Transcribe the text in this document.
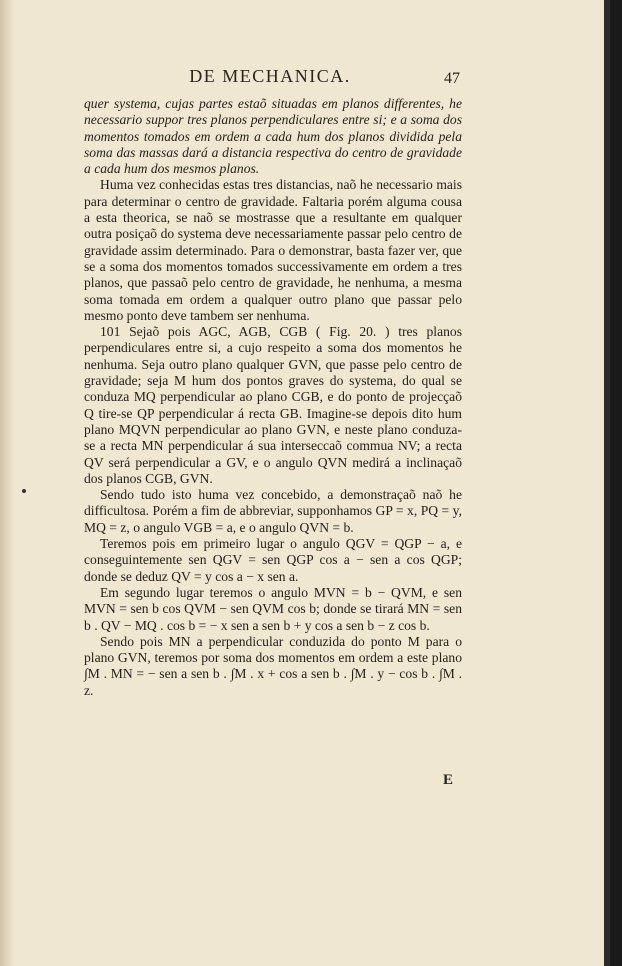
DE MECHANICA.	47

quer systema, cujas partes estaõ situadas em planos differentes, he necessario suppor tres planos perpendiculares entre si; e a soma dos momentos tomados em ordem a cada hum dos planos dividida pela soma das massas dará a distancia respectiva do centro de gravidade a cada hum dos mesmos planos.

Huma vez conhecidas estas tres distancias, naõ he necessario mais para determinar o centro de gravidade. Faltaria porém alguma cousa a esta theorica, se naõ se mostrasse que a resultante em qualquer outra posiçaõ do systema deve necessariamente passar pelo centro de gravidade assim determinado. Para o demonstrar, basta fazer ver, que se a soma dos momentos tomados successivamente em ordem a tres planos, que passaõ pelo centro de gravidade, he nenhuma, a mesma soma tomada em ordem a qualquer outro plano que passar pelo mesmo ponto deve tambem ser nenhuma.

101 Sejaõ pois AGC, AGB, CGB ( Fig. 20. ) tres planos perpendiculares entre si, a cujo respeito a soma dos momentos he nenhuma. Seja outro plano qualquer GVN, que passe pelo centro de gravidade; seja M hum dos pontos graves do systema, do qual se conduza MQ perpendicular ao plano CGB, e do ponto de projecçaõ Q tire-se QP perpendicular á recta GB. Imagine-se depois dito hum plano MQVN perpendicular ao plano GVN, e neste plano conduza-se a recta MN perpendicular á sua interseccaõ commua NV; a recta QV será perpendicular a GV, e o angulo QVN medirá a inclinaçaõ dos planos CGB, GVN.

Sendo tudo isto huma vez concebido, a demonstraçaõ naõ he difficultosa. Porém a fim de abbreviar, supponhamos GP = x, PQ = y, MQ = z, o angulo VGB = a, e o angulo QVN = b.

Teremos pois em primeiro lugar o angulo QGV = QGP − a, e conseguintemente sen QGV = sen QGP cos a − sen a cos QGP; donde se deduz QV = y cos a − x sen a.

Em segundo lugar teremos o angulo MVN = b − QVM, e sen MVN = sen b cos QVM − sen QVM cos b; donde se tirará MN = sen b . QV − MQ . cos b = − x sen a sen b + y cos a sen b − z cos b.

Sendo pois MN a perpendicular conduzida do ponto M para o plano GVN, teremos por soma dos momentos em ordem a este plano ∫M . MN = − sen a sen b . ∫M . x + cos a sen b . ∫M . y − cos b . ∫M . z.

E
